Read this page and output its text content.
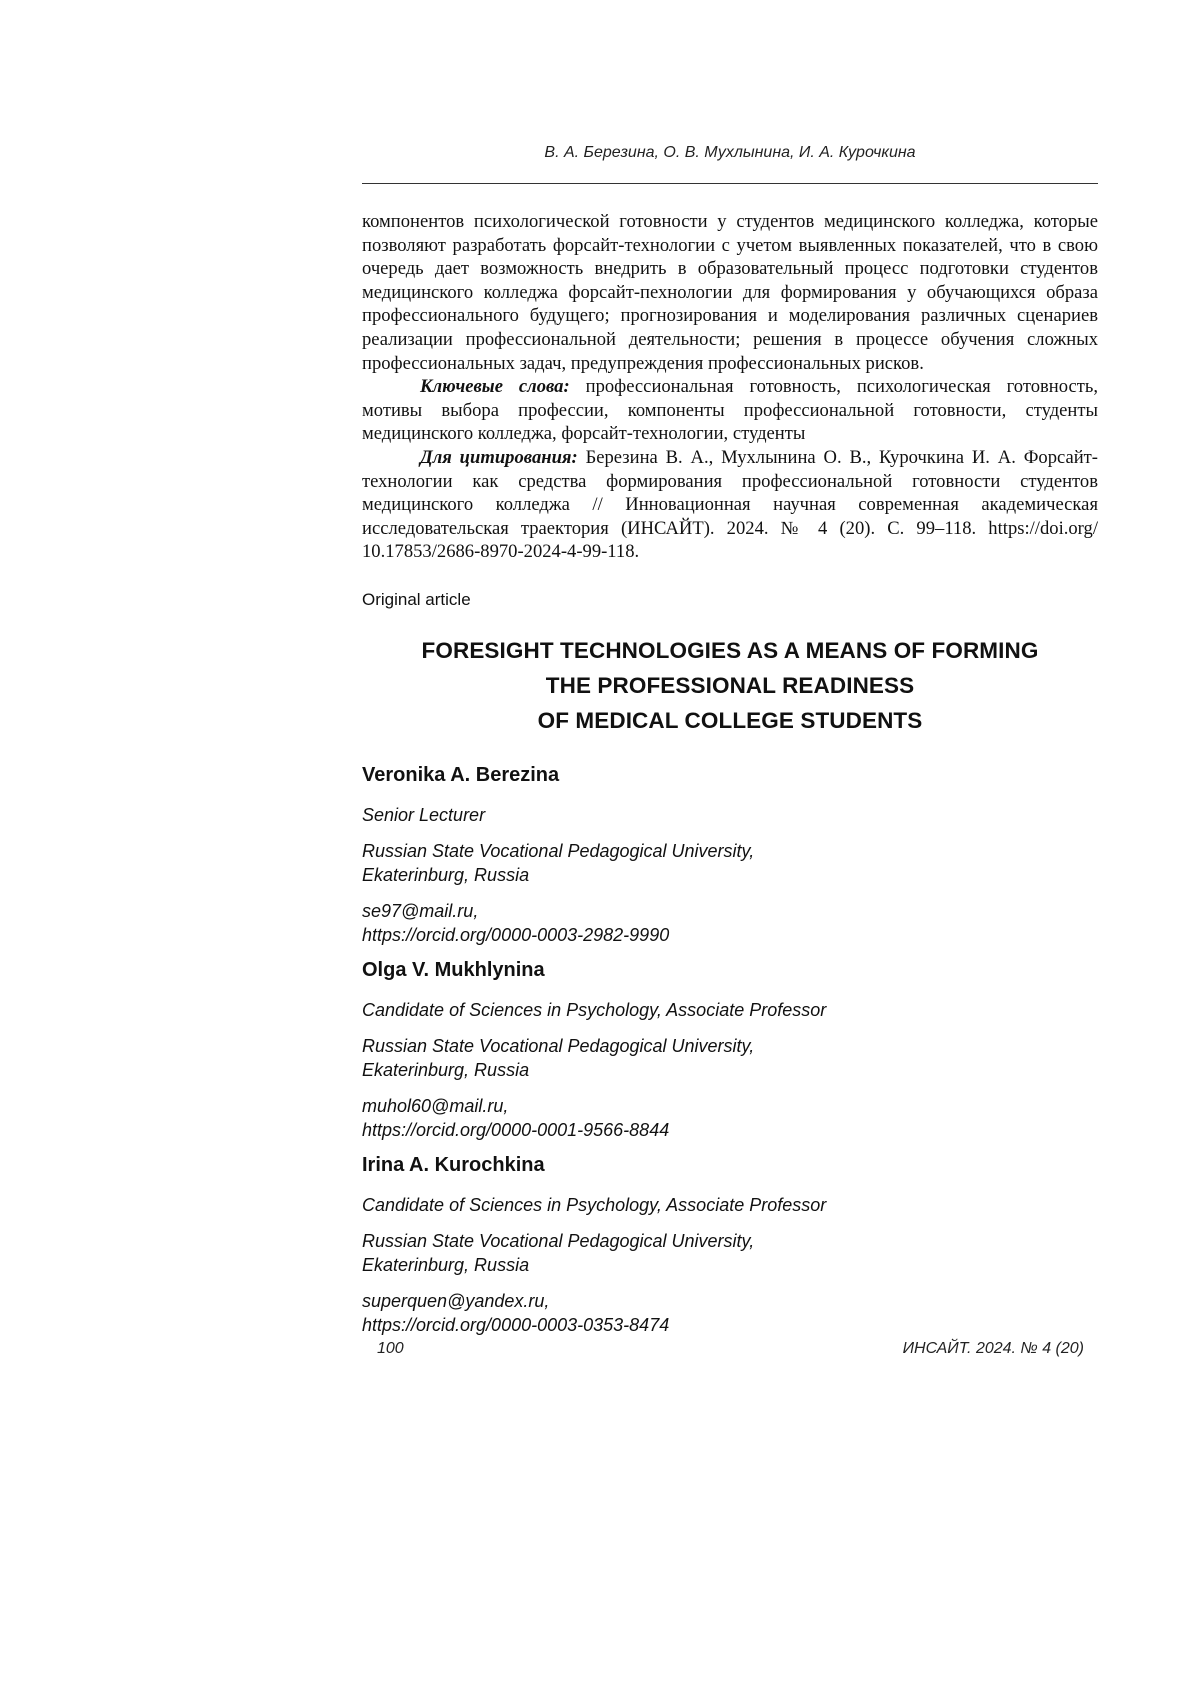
В. А. Березина, О. В. Мухлынина, И. А. Курочкина

компонентов психологической готовности у студентов медицинского колледжа, которые позволяют разработать форсайт-технологии с учетом выявленных показателей, что в свою очередь дает возможность внедрить в образовательный процесс подготовки студентов медицинского колледжа форсайт-пехнологии для формирования у обучающихся образа профессионального будущего; прогнозирования и моделирования различных сценариев реализации профессиональной деятельности; решения в процессе обучения сложных профессиональных задач, предупреждения профессиональных рисков.

Ключевые слова: профессиональная готовность, психологическая готовность, мотивы выбора профессии, компоненты профессиональной готовности, студенты медицинского колледжа, форсайт-технологии, студенты

Для цитирования: Березина В. А., Мухлынина О. В., Курочкина И. А. Форсайт-технологии как средства формирования профессиональной готовности студентов медицинского колледжа // Инновационная научная современная академическая исследовательская траектория (ИНСАЙТ). 2024. № 4 (20). С. 99–118. https://doi.org/ 10.17853/2686-8970-2024-4-99-118.

Original article
FORESIGHT TECHNOLOGIES AS A MEANS OF FORMING
THE PROFESSIONAL READINESS
OF MEDICAL COLLEGE STUDENTS

Veronika A. Berezina

Senior Lecturer

Russian State Vocational Pedagogical University,

Ekaterinburg, Russia

se97@mail.ru,

https://orcid.org/0000-0003-2982-9990

Olga V. Mukhlynina

Candidate of Sciences in Psychology, Associate Professor

Russian State Vocational Pedagogical University,

Ekaterinburg, Russia

muhol60@mail.ru,

https://orcid.org/0000-0001-9566-8844

Irina A. Kurochkina

Candidate of Sciences in Psychology, Associate Professor

Russian State Vocational Pedagogical University,

Ekaterinburg, Russia

superquen@yandex.ru,

https://orcid.org/0000-0003-0353-8474

100	ИНСАЙТ. 2024. № 4 (20)
